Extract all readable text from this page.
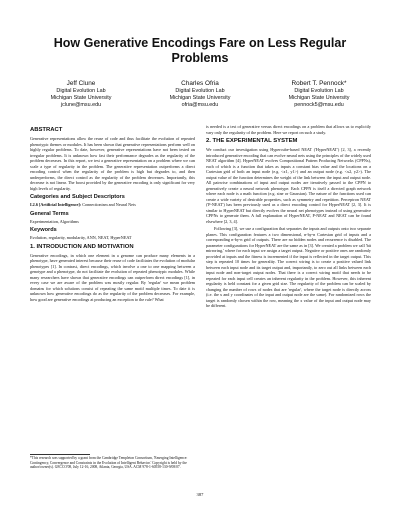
How Generative Encodings Fare on Less Regular Problems
Jeff Clune
Digital Evolution Lab
Michigan State University
jclune@msu.edu
Charles Ofria
Digital Evolution Lab
Michigan State University
ofria@msu.edu
Robert T. Pennock*
Digital Evolution Lab
Michigan State University
pennock5@msu.edu
ABSTRACT

Generative representations allow the reuse of code and thus facilitate the evolution of repeated phenotypic themes or modules. It has been shown that generative representations perform well on highly regular problems. To date, however, generative representations have not been tested on irregular problems. It is unknown how fast their performance degrades as the regularity of the problem decreases. In this report, we test a generative representation on a problem where we can scale a type of regularity in the problem. The generative representation outperforms a direct encoding control when the regularity of the problem is high but degrades to, and then underperforms, the direct control as the regularity of the problem decreases. Importantly, this decrease is not linear. The boost provided by the generative encoding is only significant for very high levels of regularity.

Categories and Subject Descriptors

I.2.6 [Artificial Intelligence]: Connectionism and Neural Nets

General Terms

Experimentation, Algorithms

Keywords

Evolution, regularity, modularity, ANN, NEAT, HyperNEAT

1. INTRODUCTION AND MOTIVATION

Generative encodings, in which one element in a genome can produce many elements in a phenotype, have generated interest because their reuse of code facilitates the evolution of modular phenotypes [1]. In contrast, direct encodings, which involve a one to one mapping between a genotype and a phenotype, do not facilitate the evolution of repeated phenotypic modules. While many researchers have shown that generative encodings can outperform direct encodings [1], in every case we are aware of the problem was mostly regular. By 'regular' we mean problem domains for which solutions consist of repeating the same motif multiple times. To date it is unknown how generative encodings do as the regularity of the problem decreases. For example, how good are generative encodings at producing an exception to the rule? What

is needed is a test of generative versus direct encodings on a problem that allows us to explicitly vary only the regularity of the problem. Here we report on such a study.

2. THE EXPERIMENTAL SYSTEM

We conduct our investigation using Hypercube-based NEAT ('HyperNEAT') [2, 3], a recently introduced generative encoding that can evolve neural nets using the principles of the widely used NEAT algorithm [4]. HyperNEAT evolves Compositional Pattern Producing Networks (CPPNs), each of which is a function that takes as inputs a constant bias value and the locations on a Cartesian grid of both an input node (e.g. <x1, y1>) and an output node (e.g. <x2, y2>). The output value of the function determines the weight of the link between the input and output node. All pairwise combinations of input and output nodes are iteratively passed to the CPPN to generatively create a neural network phenotype. Each CPPN is itself a directed graph network where each node is a math function (e.g. sine or Gaussian). The nature of the functions used can create a wide variety of desirable properties, such as symmetry and repetition. Perceptron NEAT ('P-NEAT') has been previously used as a direct encoding control for HyperNEAT [2, 3]. It is similar to HyperNEAT but directly evolves the neural net phenotypes instead of using generative CPPNs to generate them. A full explanation of HyperNEAT, P-NEAT and NEAT can be found elsewhere [2, 3, 4].

Following [3], we use a configuration that separates the inputs and outputs onto two separate planes. This configuration features a two dimensional, n-by-n Cartesian grid of inputs and a corresponding n-by-n grid of outputs. There are no hidden nodes and recurrence is disabled. The parameter configurations for HyperNEAT are the same as in [3]. We created a problem we call 'bit mirroring,' where for each input we assign a target output. Negative or positive ones are randomly provided at inputs and the fitness is incremented if the input is reflected in the target output. This step is repeated 10 times for generality. The correct wiring is to create a positive valued link between each input node and its target output and, importantly, to zero out all links between each input node and non-target output nodes. That there is a correct wiring motif that needs to be repeated for each input cell creates an inherent regularity in the problem. However, this inherent regularity is held constant for a given grid size. The regularity of the problem can be scaled by changing the number of rows of nodes that are 'regular', where the target node is directly across (i.e. the x and y coordinates of the input and output node are the same). For randomized rows the target is randomly chosen within the row, meaning the x value of the input and output node may be different.

*This research was supported by a grant from the Cambridge Templeton Consortium, 'Emerging Intelligence: Contingency, Convergence and Constraints in the Evolution of Intelligent Behavior.' Copyright is held by the author/owner(s). GECCO'08, July 12-16, 2008, Atlanta, Georgia, USA. ACM 978-1-60558-130-9/08/07.
387
